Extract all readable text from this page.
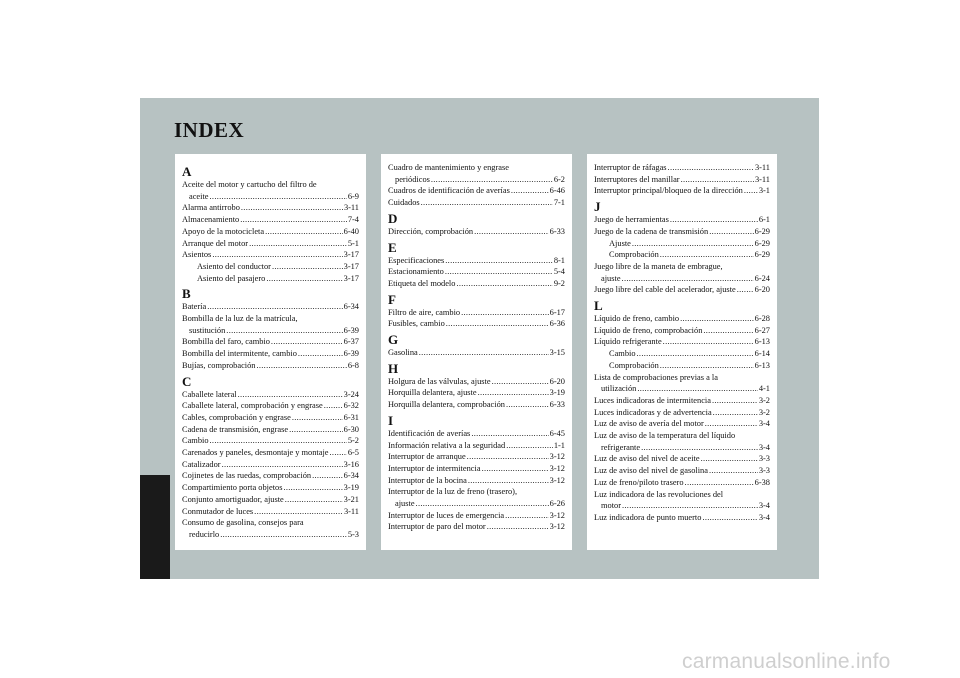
INDEX
A
Aceite del motor y cartucho del filtro de
aceite .....	6-9
Alarma antirrobo .....	3-11
Almacenamiento .....	7-4
Apoyo de la motocicleta .....	6-40
Arranque del motor .....	5-1
Asientos .....	3-17
Asiento del conductor .....	3-17
Asiento del pasajero .....	3-17
B
Batería .....	6-34
Bombilla de la luz de la matrícula,
sustitución .....	6-39
Bombilla del faro, cambio .....	6-37
Bombilla del intermitente, cambio .....	6-39
Bujías, comprobación .....	6-8
C
Caballete lateral .....	3-24
Caballete lateral, comprobación y engrase ..... 6-32
Cables, comprobación y engrase .....	6-31
Cadena de transmisión, engrase .....	6-30
Cambio .....	5-2
Carenados y paneles, desmontaje y montaje ..... 6-5
Catalizador .....	3-16
Cojinetes de las ruedas, comprobación .....	6-34
Compartimiento porta objetos .....	3-19
Conjunto amortiguador, ajuste .....	3-21
Conmutador de luces .....	3-11
Consumo de gasolina, consejos para
reducirlo .....	5-3
Cuadro de mantenimiento y engrase
periódicos .....	6-2
Cuadros de identificación de averías .....	6-46
Cuidados .....	7-1
D
Dirección, comprobación .....	6-33
E
Especificaciones .....	8-1
Estacionamiento .....	5-4
Etiqueta del modelo .....	9-2
F
Filtro de aire, cambio .....	6-17
Fusibles, cambio .....	6-36
G
Gasolina .....	3-15
H
Holgura de las válvulas, ajuste .....	6-20
Horquilla delantera, ajuste .....	3-19
Horquilla delantera, comprobación .....	6-33
I
Identificación de averías .....	6-45
Información relativa a la seguridad .....	1-1
Interruptor de arranque .....	3-12
Interruptor de intermitencia .....	3-12
Interruptor de la bocina .....	3-12
Interruptor de la luz de freno (trasero),
ajuste .....	6-26
Interruptor de luces de emergencia .....	3-12
Interruptor de paro del motor .....	3-12
Interruptor de ráfagas .....	3-11
Interruptores del manillar .....	3-11
Interruptor principal/bloqueo de la dirección ..... 3-1
J
Juego de herramientas .....	6-1
Juego de la cadena de transmisión .....	6-29
Ajuste .....	6-29
Comprobación .....	6-29
Juego libre de la maneta de embrague,
ajuste .....	6-24
Juego libre del cable del acelerador, ajuste ..... 6-20
L
Líquido de freno, cambio .....	6-28
Líquido de freno, comprobación .....	6-27
Líquido refrigerante .....	6-13
Cambio .....	6-14
Comprobación .....	6-13
Lista de comprobaciones previas a la
utilización .....	4-1
Luces indicadoras de intermitencia .....	3-2
Luces indicadoras y de advertencia .....	3-2
Luz de aviso de avería del motor .....	3-4
Luz de aviso de la temperatura del líquido
refrigerante .....	3-4
Luz de aviso del nivel de aceite .....	3-3
Luz de aviso del nivel de gasolina .....	3-3
Luz de freno/piloto trasero .....	6-38
Luz indicadora de las revoluciones del
motor .....	3-4
Luz indicadora de punto muerto .....	3-4
carmanualsonline.info
